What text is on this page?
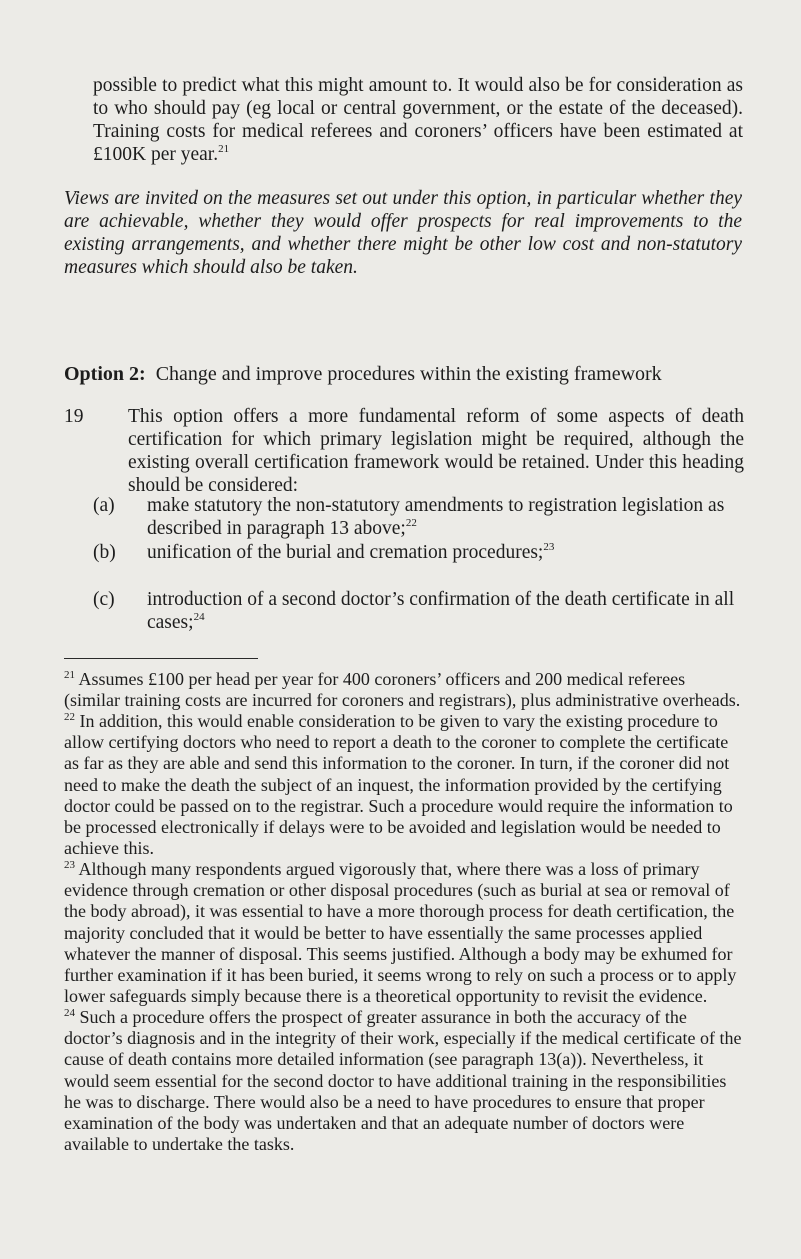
possible to predict what this might amount to. It would also be for consideration as to who should pay (eg local or central government, or the estate of the deceased). Training costs for medical referees and coroners’ officers have been estimated at £100K per year.$^{21}$

Views are invited on the measures set out under this option, in particular whether they are achievable, whether they would offer prospects for real improvements to the existing arrangements, and whether there might be other low cost and non-statutory measures which should also be taken.

Option 2: Change and improve procedures within the existing framework

19 This option offers a more fundamental reform of some aspects of death certification for which primary legislation might be required, although the existing overall certification framework would be retained. Under this heading should be considered:

(a) make statutory the non-statutory amendments to registration legislation as described in paragraph 13 above;$^{22}$
(b) unification of the burial and cremation procedures;$^{23}$
(c) introduction of a second doctor’s confirmation of the death certificate in all cases;$^{24}$

$^{21}$ Assumes £100 per head per year for 400 coroners’ officers and 200 medical referees (similar training costs are incurred for coroners and registrars), plus administrative overheads.

$^{22}$ In addition, this would enable consideration to be given to vary the existing procedure to allow certifying doctors who need to report a death to the coroner to complete the certificate as far as they are able and send this information to the coroner. In turn, if the coroner did not need to make the death the subject of an inquest, the information provided by the certifying doctor could be passed on to the registrar. Such a procedure would require the information to be processed electronically if delays were to be avoided and legislation would be needed to achieve this.

$^{23}$ Although many respondents argued vigorously that, where there was a loss of primary evidence through cremation or other disposal procedures (such as burial at sea or removal of the body abroad), it was essential to have a more thorough process for death certification, the majority concluded that it would be better to have essentially the same processes applied whatever the manner of disposal. This seems justified. Although a body may be exhumed for further examination if it has been buried, it seems wrong to rely on such a process or to apply lower safeguards simply because there is a theoretical opportunity to revisit the evidence.

$^{24}$ Such a procedure offers the prospect of greater assurance in both the accuracy of the doctor’s diagnosis and in the integrity of their work, especially if the medical certificate of the cause of death contains more detailed information (see paragraph 13(a)). Nevertheless, it would seem essential for the second doctor to have additional training in the responsibilities he was to discharge. There would also be a need to have procedures to ensure that proper examination of the body was undertaken and that an adequate number of doctors were available to undertake the tasks.
